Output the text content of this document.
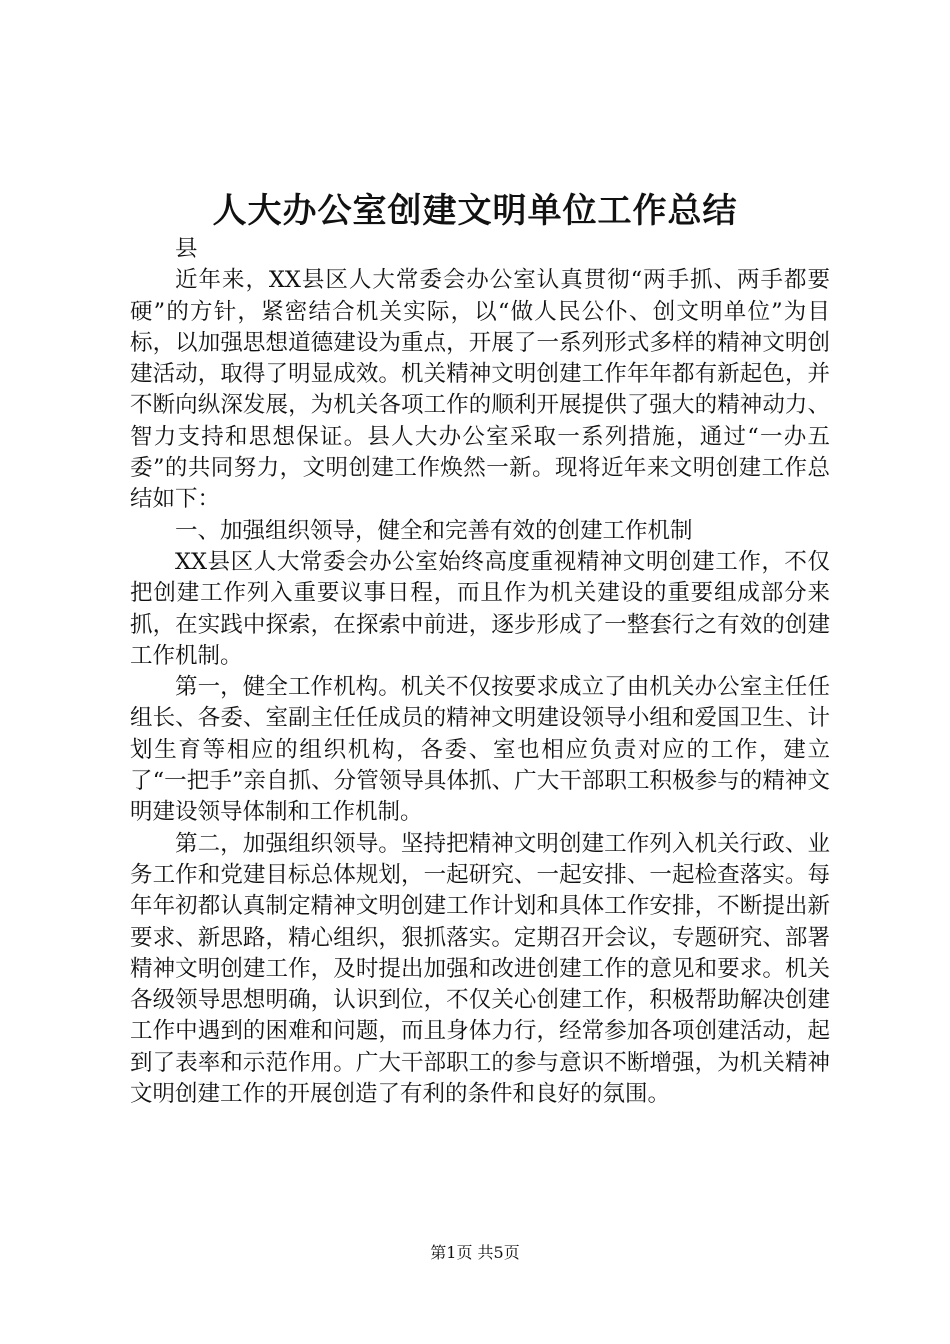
人大办公室创建文明单位工作总结

县

近年来，XX县区人大常委会办公室认真贯彻“两手抓、两手都要硬”的方针，紧密结合机关实际，以“做人民公仆、创文明单位”为目标，以加强思想道德建设为重点，开展了一系列形式多样的精神文明创建活动，取得了明显成效。机关精神文明创建工作年年都有新起色，并不断向纵深发展，为机关各项工作的顺利开展提供了强大的精神动力、智力支持和思想保证。县人大办公室采取一系列措施，通过“一办五委”的共同努力，文明创建工作焕然一新。现将近年来文明创建工作总结如下：

一、加强组织领导，健全和完善有效的创建工作机制

XX县区人大常委会办公室始终高度重视精神文明创建工作，不仅把创建工作列入重要议事日程，而且作为机关建设的重要组成部分来抓，在实践中探索，在探索中前进，逐步形成了一整套行之有效的创建工作机制。

第一，健全工作机构。机关不仅按要求成立了由机关办公室主任任组长、各委、室副主任任成员的精神文明建设领导小组和爱国卫生、计划生育等相应的组织机构，各委、室也相应负责对应的工作，建立了“一把手”亲自抓、分管领导具体抓、广大干部职工积极参与的精神文明建设领导体制和工作机制。

第二，加强组织领导。坚持把精神文明创建工作列入机关行政、业务工作和党建目标总体规划，一起研究、一起安排、一起检查落实。每年年初都认真制定精神文明创建工作计划和具体工作安排，不断提出新要求、新思路，精心组织，狠抓落实。定期召开会议，专题研究、部署精神文明创建工作，及时提出加强和改进创建工作的意见和要求。机关各级领导思想明确，认识到位，不仅关心创建工作，积极帮助解决创建工作中遇到的困难和问题，而且身体力行，经常参加各项创建活动，起到了表率和示范作用。广大干部职工的参与意识不断增强，为机关精神文明创建工作的开展创造了有利的条件和良好的氛围。

第1页 共5页
